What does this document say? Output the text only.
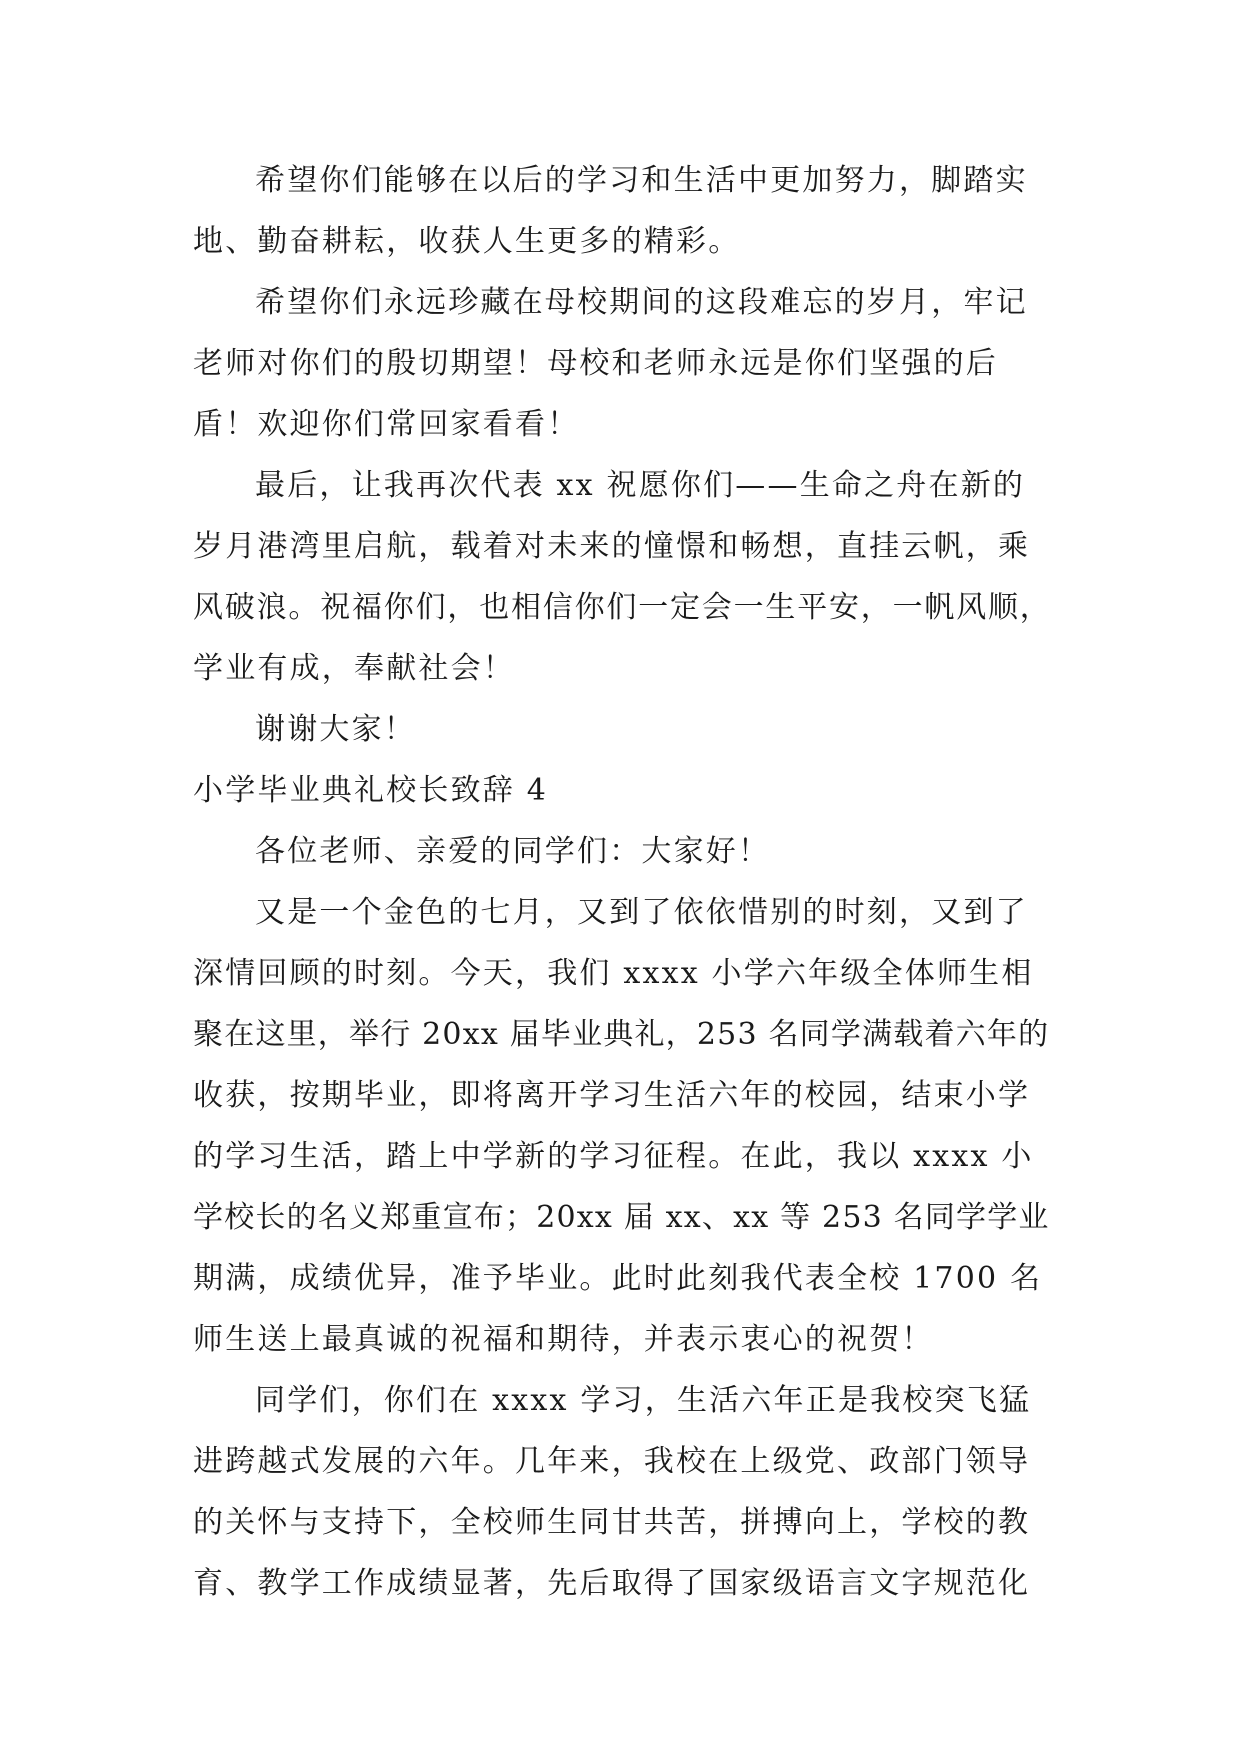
希望你们能够在以后的学习和生活中更加努力，脚踏实
地、勤奋耕耘，收获人生更多的精彩。
希望你们永远珍藏在母校期间的这段难忘的岁月，牢记
老师对你们的殷切期望！母校和老师永远是你们坚强的后
盾！欢迎你们常回家看看！
最后，让我再次代表 xx 祝愿你们——生命之舟在新的
岁月港湾里启航，载着对未来的憧憬和畅想，直挂云帆，乘
风破浪。祝福你们，也相信你们一定会一生平安，一帆风顺，
学业有成，奉献社会！
谢谢大家！
小学毕业典礼校长致辞 4
各位老师、亲爱的同学们：大家好！
又是一个金色的七月，又到了依依惜别的时刻，又到了
深情回顾的时刻。今天，我们 xxxx 小学六年级全体师生相
聚在这里，举行 20xx 届毕业典礼，253 名同学满载着六年的
收获，按期毕业，即将离开学习生活六年的校园，结束小学
的学习生活，踏上中学新的学习征程。在此，我以 xxxx 小
学校长的名义郑重宣布；20xx 届 xx、xx 等 253 名同学学业
期满，成绩优异，准予毕业。此时此刻我代表全校 1700 名
师生送上最真诚的祝福和期待，并表示衷心的祝贺！
同学们，你们在 xxxx 学习，生活六年正是我校突飞猛
进跨越式发展的六年。几年来，我校在上级党、政部门领导
的关怀与支持下，全校师生同甘共苦，拼搏向上，学校的教
育、教学工作成绩显著，先后取得了国家级语言文字规范化
